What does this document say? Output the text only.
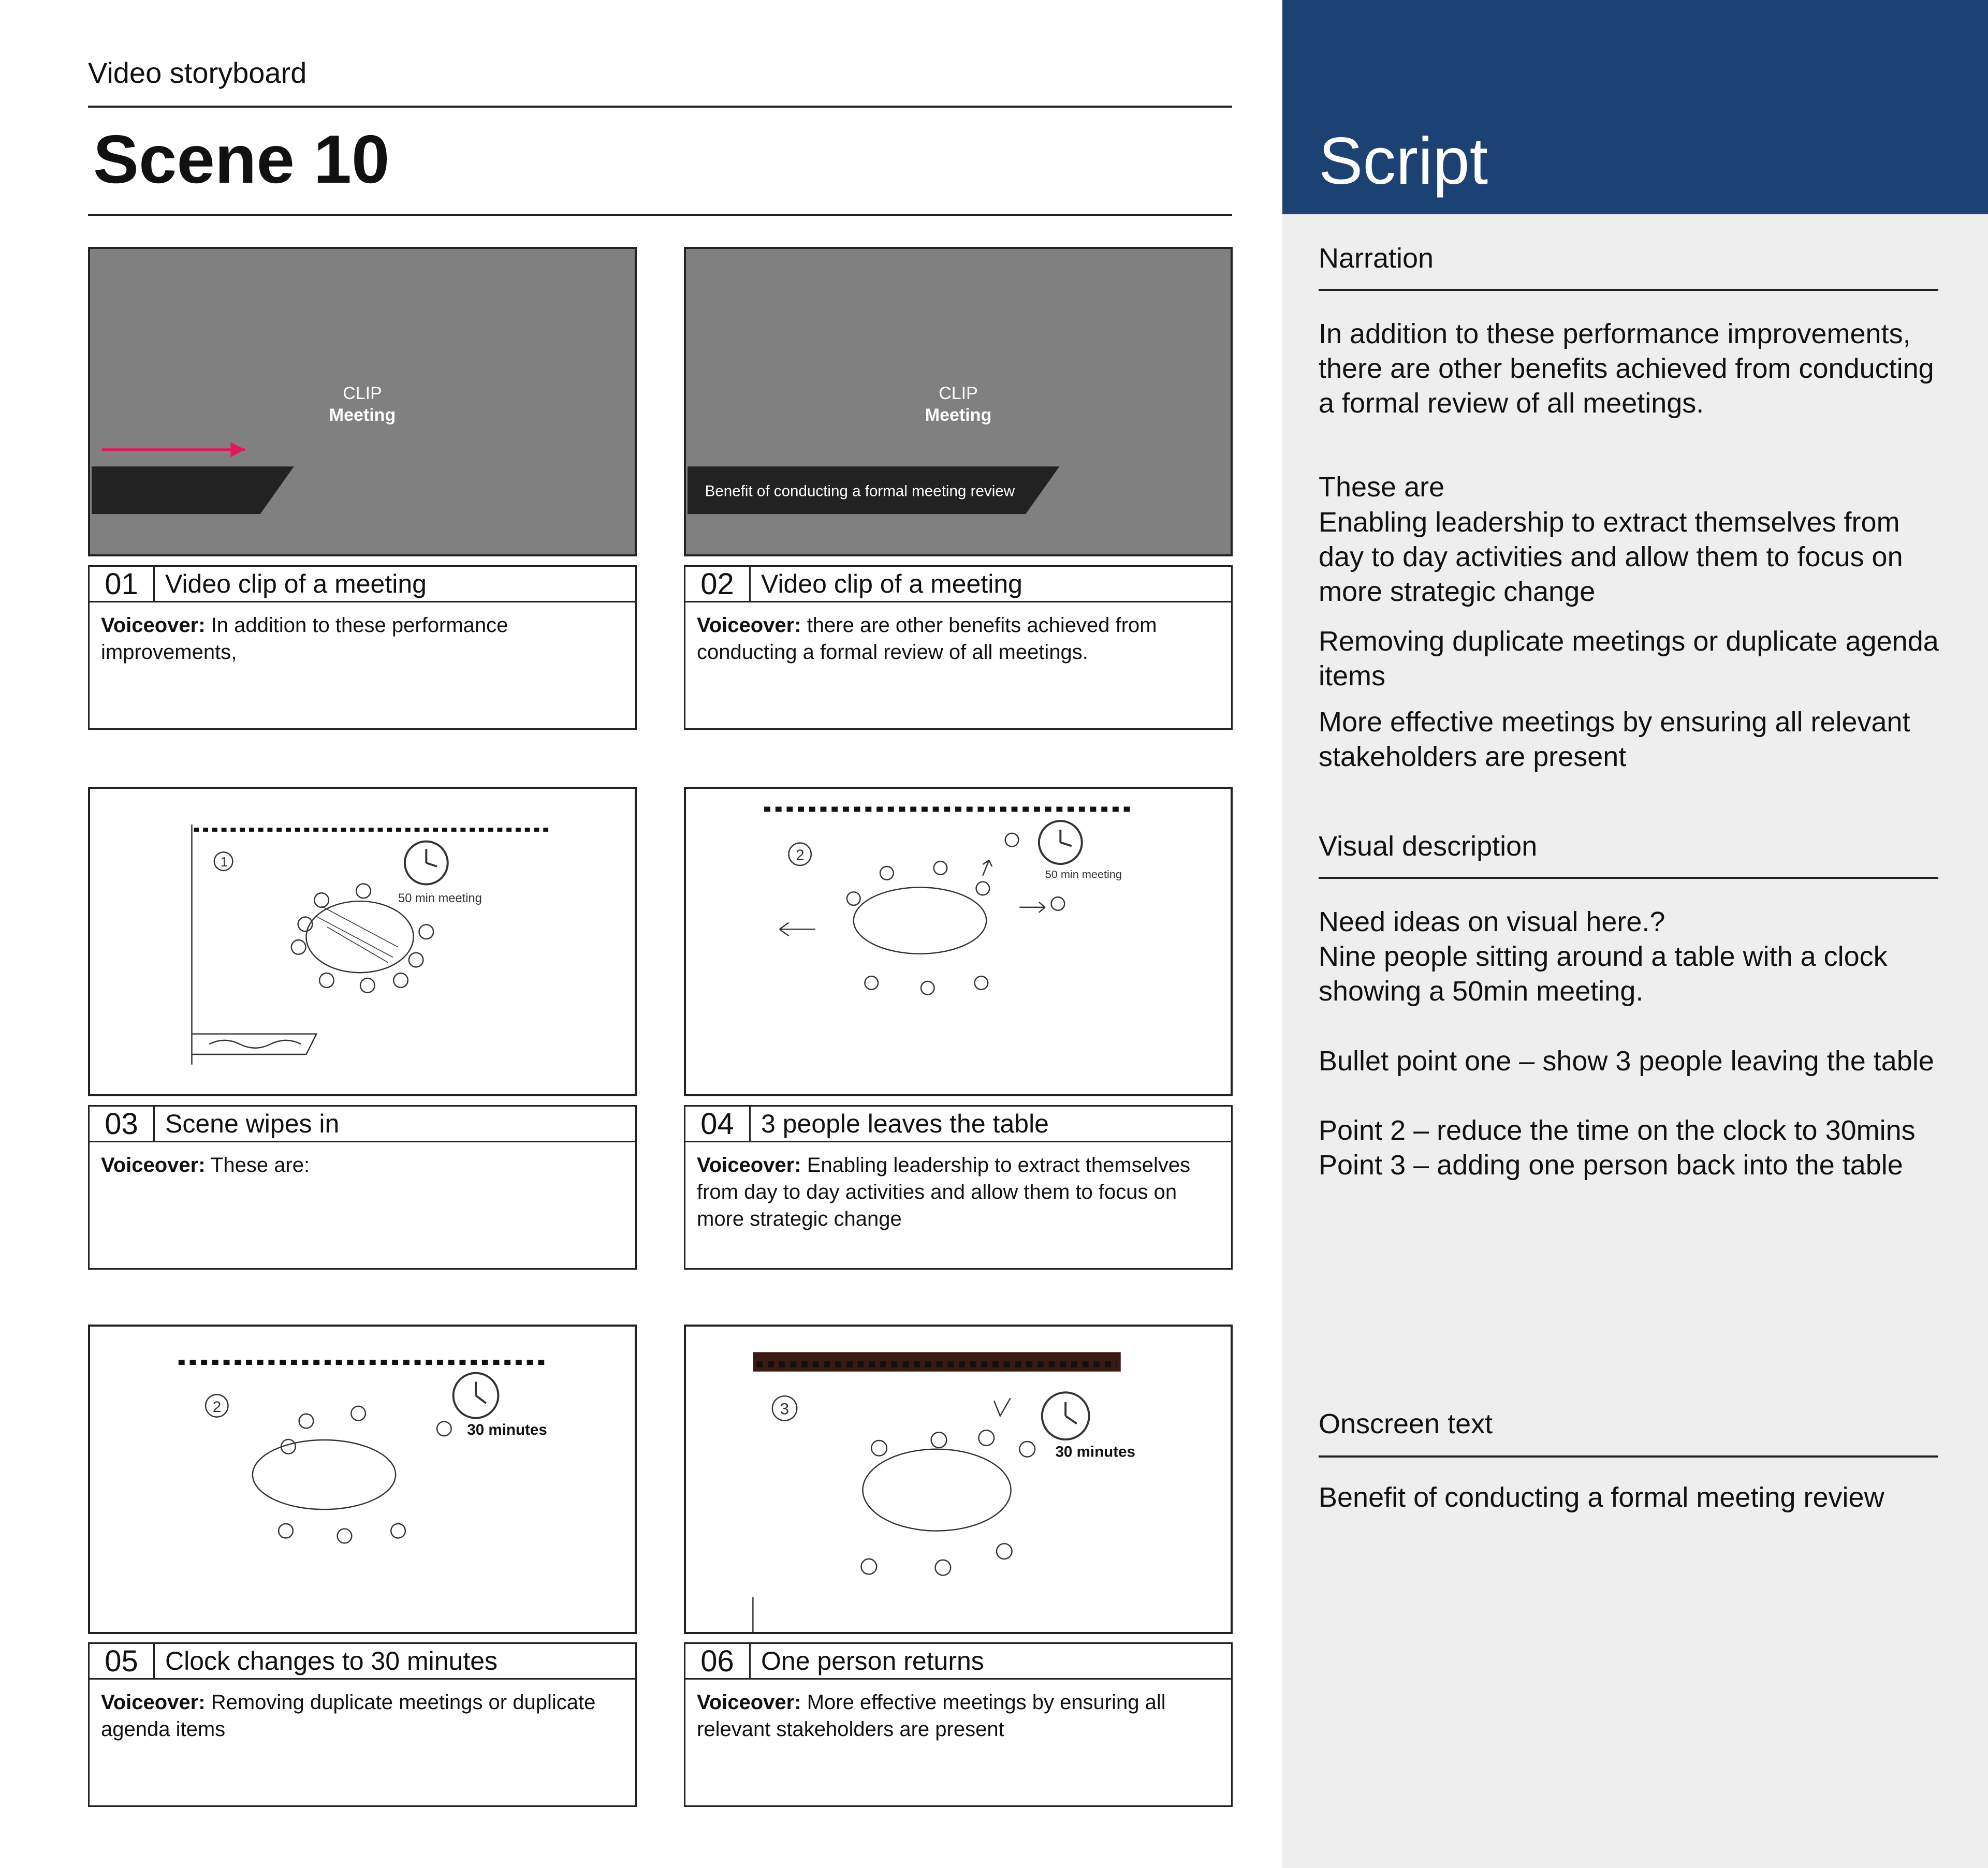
Video storyboard
Scene 10
CLIP
Meeting
01	Video clip of a meeting
Voiceover: In addition to these performance improvements,
Benefit of conducting a formal meeting review
CLIP
Meeting
02	Video clip of a meeting
Voiceover: there are other benefits achieved from conducting a formal review of all meetings.
1
50 min meeting
03	Scene wipes in
Voiceover: These are:
2
50 min meeting
04	3 people leaves the table
Voiceover: Enabling leadership to extract themselves from day to day activities and allow them to focus on more strategic change
2
30 minutes
05	Clock changes to 30 minutes
Voiceover: Removing duplicate meetings or duplicate agenda items
3
30 minutes
06	One person returns
Voiceover: More effective meetings by ensuring all relevant stakeholders are present
Script
Narration
In addition to these performance improvements, there are other benefits achieved from conducting a formal review of all meetings.
These are
Enabling leadership to extract themselves from day to day activities and allow them to focus on more strategic change
Removing duplicate meetings or duplicate agenda items
More effective meetings by ensuring all relevant stakeholders are present
Visual description
Need ideas on visual here.?
Nine people sitting around a table with a clock showing a 50min meeting.
Bullet point one – show 3 people leaving the table
Point 2 – reduce the time on the clock to 30mins
Point 3 – adding one person back into the table
Onscreen text
Benefit of conducting a formal meeting review
